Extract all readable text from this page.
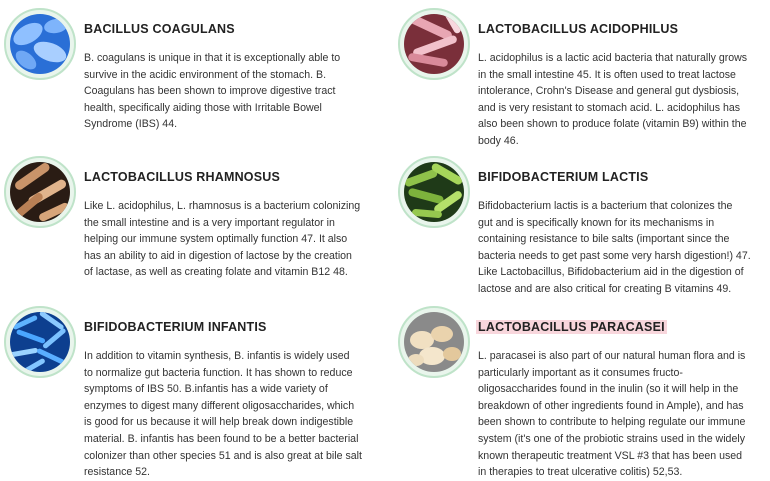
BACILLUS COAGULANS
B. coagulans is unique in that it is exceptionally able to
survive in the acidic environment of the stomach. B.
Coagulans has been shown to improve digestive tract
health, specifically aiding those with Irritable Bowel
Syndrome (IBS) 44.
LACTOBACILLUS ACIDOPHILUS
L. acidophilus is a lactic acid bacteria that naturally grows
in the small intestine 45. It is often used to treat lactose
intolerance, Crohn's Disease and general gut dysbiosis,
and is very resistant to stomach acid. L. acidophilus has
also been shown to produce folate (vitamin B9) within the
body 46.
LACTOBACILLUS RHAMNOSUS
Like L. acidophilus, L. rhamnosus is a bacterium colonizing
the small intestine and is a very important regulator in
helping our immune system optimally function 47. It also
has an ability to aid in digestion of lactose by the creation
of lactase, as well as creating folate and vitamin B12 48.
BIFIDOBACTERIUM LACTIS
Bifidobacterium lactis is a bacterium that colonizes the
gut and is specifically known for its mechanisms in
containing resistance to bile salts (important since the
bacteria needs to get past some very harsh digestion!) 47.
Like Lactobacillus, Bifidobacterium aid in the digestion of
lactose and are also critical for creating B vitamins 49.
BIFIDOBACTERIUM INFANTIS
In addition to vitamin synthesis, B. infantis is widely used
to normalize gut bacteria function. It has shown to reduce
symptoms of IBS 50. B.infantis has a wide variety of
enzymes to digest many different oligosaccharides, which
is good for us because it will help break down indigestible
material. B. infantis has been found to be a better bacterial
colonizer than other species 51 and is also great at bile salt
resistance 52.
LACTOBACILLUS PARACASEI
L. paracasei is also part of our natural human flora and is
particularly important as it consumes fructo-
oligosaccharides found in the inulin (so it will help in the
breakdown of other ingredients found in Ample), and has
been shown to contribute to helping regulate our immune
system (it's one of the probiotic strains used in the widely
known therapeutic treatment VSL #3 that has been used
in therapies to treat ulcerative colitis) 52,53.
